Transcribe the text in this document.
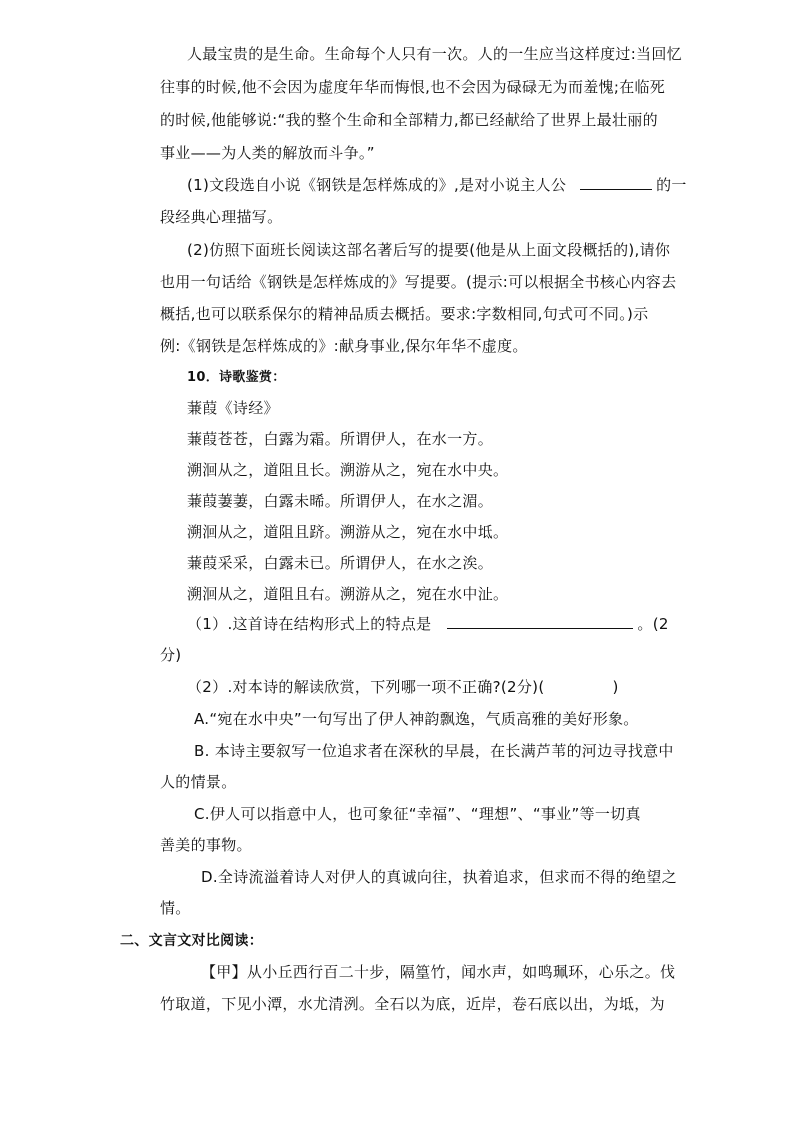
人最宝贵的是生命。生命每个人只有一次。人的一生应当这样度过:当回忆
往事的时候,他不会因为虚度年华而悔恨,也不会因为碌碌无为而羞愧;在临死
的时候,他能够说:“我的整个生命和全部精力,都已经献给了世界上最壮丽的
事业——为人类的解放而斗争。”
(1)文段选自小说《钢铁是怎样炼成的》,是对小说主人公	的一
段经典心理描写。
(2)仿照下面班长阅读这部名著后写的提要(他是从上面文段概括的),请你
也用一句话给《钢铁是怎样炼成的》写提要。(提示:可以根据全书核心内容去
概括,也可以联系保尔的精神品质去概括。要求:字数相同,句式可不同。)示
例:《钢铁是怎样炼成的》:献身事业,保尔年华不虚度。
10．诗歌鉴赏：
蒹葭《诗经》
蒹葭苍苍，白露为霜。所谓伊人，在水一方。
溯洄从之，道阻且长。溯游从之，宛在水中央。
蒹葭萋萋，白露未晞。所谓伊人，在水之湄。
溯洄从之，道阻且跻。溯游从之，宛在水中坻。
蒹葭采采，白露未已。所谓伊人，在水之涘。
溯洄从之，道阻且右。溯游从之，宛在水中沚。
（1）.这首诗在结构形式上的特点是	。(2
分)
（2）.对本诗的解读欣赏，下列哪一项不正确?(2分)(	)
A.“宛在水中央”一句写出了伊人神韵飘逸，气质高雅的美好形象。
B. 本诗主要叙写一位追求者在深秋的早晨，在长满芦苇的河边寻找意中
人的情景。
C.伊人可以指意中人，也可象征“幸福”、“理想”、“事业”等一切真
善美的事物。
D.全诗流溢着诗人对伊人的真诚向往，执着追求，但求而不得的绝望之
情。
二、文言文对比阅读：
【甲】从小丘西行百二十步，隔篁竹，闻水声，如鸣珮环，心乐之。伐
竹取道，下见小潭，水尤清洌。全石以为底，近岸，卷石底以出，为坻，为
